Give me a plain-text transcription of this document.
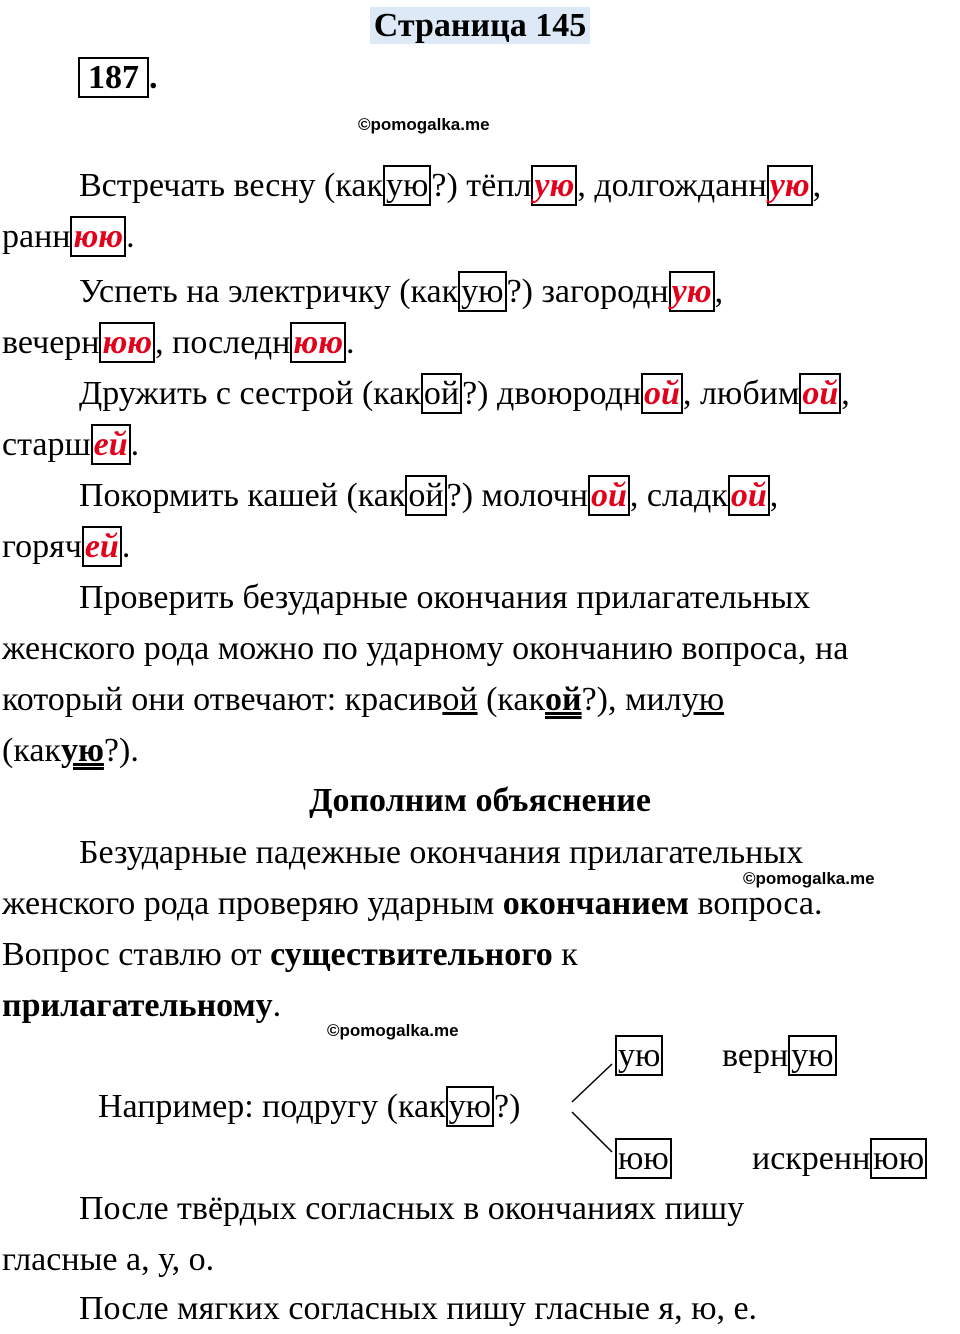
Страница 145
187 .
©pomogalka.me
Встречать весну (какую?) тёплую, долгожданную,
раннюю.
Успеть на электричку (какую?) загородную,
вечернюю, последнюю.
Дружить с сестрой (какой?) двоюродной, любимой,
старшей.
Покормить кашей (какой?) молочной, сладкой,
горячей.
Проверить безударные окончания прилагательных
женского рода можно по ударному окончанию вопроса, на
который они отвечают: красивой (какой?), милую
(какую?).
Дополним объяснение
Безударные падежные окончания прилагательных
©pomogalka.me
женского рода проверяю ударным окончанием вопроса.
Вопрос ставлю от существительного к
прилагательному.
©pomogalka.me
Например: подругу (какую?)
ую верную
юю искреннюю
После твёрдых согласных в окончаниях пишу
гласные а, у, о.
После мягких согласных пишу гласные я, ю, е.
